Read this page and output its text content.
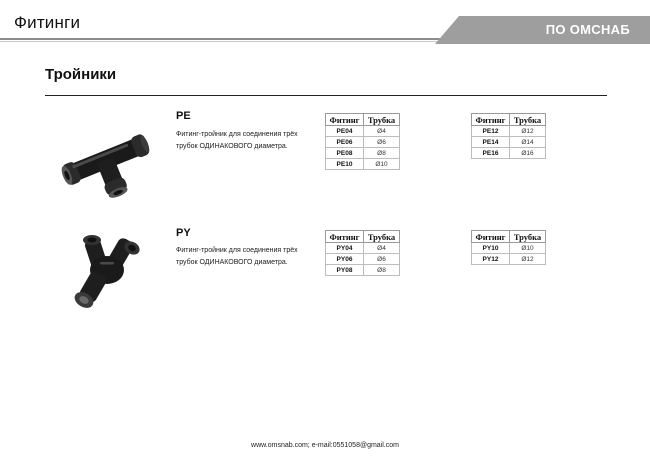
Фитинги	ПО ОМСНАБ
Тройники
PE
Фитинг-тройник для соединения трёх
трубок ОДИНАКОВОГО диаметра.
Фитинг	Трубка
PE04	Ø4
PE06	Ø6
PE08	Ø8
PE10	Ø10
Фитинг	Трубка
PE12	Ø12
PE14	Ø14
PE16	Ø16
PY
Фитинг-тройник для соединения трёх
трубок ОДИНАКОВОГО диаметра.
Фитинг	Трубка
PY04	Ø4
PY06	Ø6
PY08	Ø8
Фитинг	Трубка
PY10	Ø10
PY12	Ø12
www.omsnab.com; e-mail:0551058@gmail.com
